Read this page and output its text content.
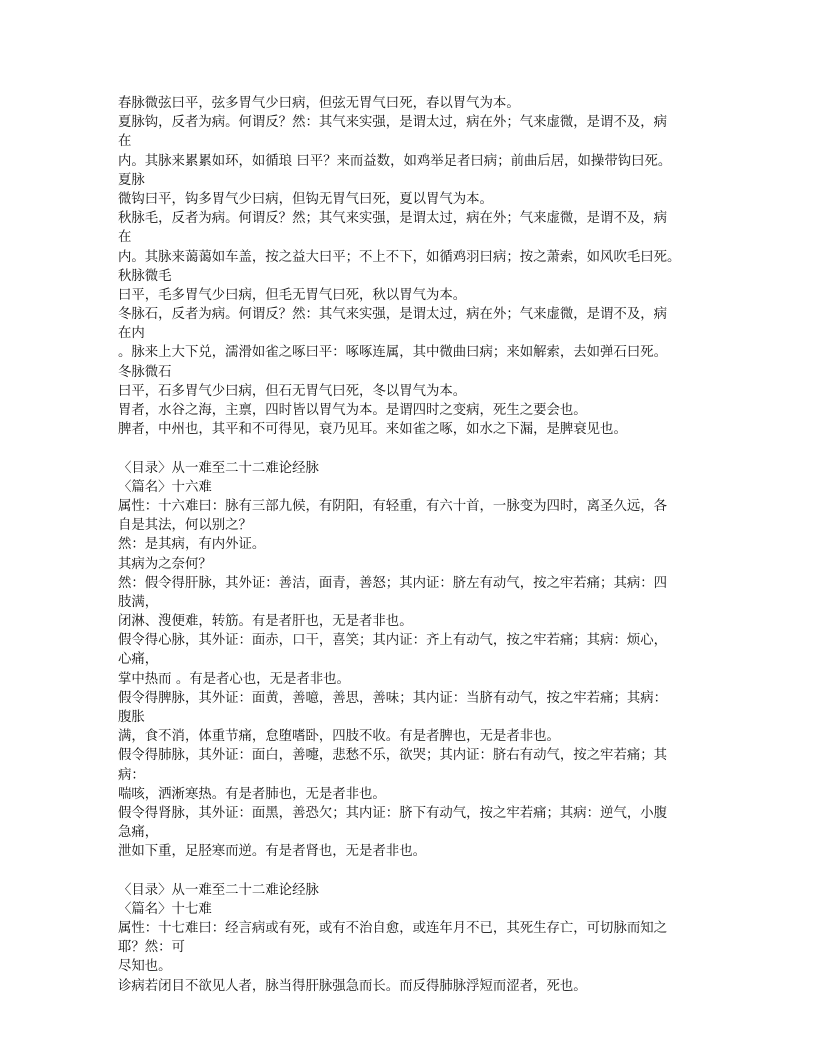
春脉微弦曰平，弦多胃气少曰病，但弦无胃气曰死，春以胃气为本。
夏脉钩，反者为病。何谓反？然：其气来实强，是谓太过，病在外；气来虚微，是谓不及，病
在
内。其脉来累累如环，如循琅 曰平？来而益数，如鸡举足者曰病；前曲后居，如操带钩曰死。
夏脉
微钩曰平，钩多胃气少曰病，但钩无胃气曰死，夏以胃气为本。
秋脉毛，反者为病。何谓反？然；其气来实强，是谓太过，病在外；气来虚微，是谓不及，病
在
内。其脉来蔼蔼如车盖，按之益大曰平；不上不下，如循鸡羽曰病；按之萧索，如风吹毛曰死。
秋脉微毛
曰平，毛多胃气少曰病，但毛无胃气曰死，秋以胃气为本。
冬脉石，反者为病。何谓反？然：其气来实强，是谓太过，病在外；气来虚微，是谓不及，病
在内
。脉来上大下兑，濡滑如雀之啄曰平：啄啄连属，其中微曲曰病；来如解索，去如弹石曰死。
冬脉微石
曰平，石多胃气少曰病，但石无胃气曰死，冬以胃气为本。
胃者，水谷之海，主禀，四时皆以胃气为本。是谓四时之变病，死生之要会也。
脾者，中州也，其平和不可得见，衰乃见耳。来如雀之啄，如水之下漏，是脾衰见也。
〈目录〉从一难至二十二难论经脉
〈篇名〉十六难
属性：十六难曰：脉有三部九候，有阴阳，有轻重，有六十首，一脉变为四时，离圣久远，各
自是其法，何以别之？
然：是其病，有内外证。
其病为之奈何？
然：假令得肝脉，其外证：善洁，面青，善怒；其内证：脐左有动气，按之牢若痛；其病：四
肢满，
闭淋、溲便难，转筋。有是者肝也，无是者非也。
假令得心脉，其外证：面赤，口干，喜笑；其内证：齐上有动气，按之牢若痛；其病：烦心，
心痛，
掌中热而 。有是者心也，无是者非也。
假令得脾脉，其外证：面黄，善噫，善思，善味；其内证：当脐有动气，按之牢若痛；其病：
腹胀
满，食不消，体重节痛，怠堕嗜卧，四肢不收。有是者脾也，无是者非也。
假令得肺脉，其外证：面白，善嚏，悲愁不乐，欲哭；其内证：脐右有动气，按之牢若痛；其
病：
喘咳，洒淅寒热。有是者肺也，无是者非也。
假令得肾脉，其外证：面黑，善恐欠；其内证：脐下有动气，按之牢若痛；其病：逆气，小腹
急痛，
泄如下重，足胫寒而逆。有是者肾也，无是者非也。
〈目录〉从一难至二十二难论经脉
〈篇名〉十七难
属性：十七难曰：经言病或有死，或有不治自愈，或连年月不已，其死生存亡，可切脉而知之
耶？然：可
尽知也。
诊病若闭目不欲见人者，脉当得肝脉强急而长。而反得肺脉浮短而涩者，死也。
